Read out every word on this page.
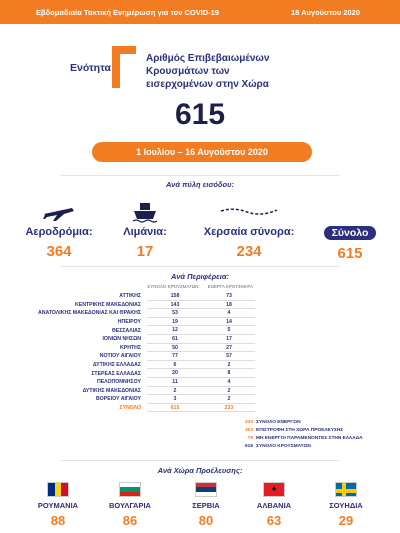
Εβδομαδιαία Τακτική Ενημέρωση για τον COVID-19	18 Αυγούστου 2020
Ενότητα
Αριθμός Επιβεβαιωμένων
Κρουσμάτων των
εισερχομένων στην Χώρα
615
1 Ιουλίου – 16 Αυγούστου 2020
Ανά πύλη εισόδου:
Αεροδρόμια:
364
Λιμάνια:
17
Χερσαία σύνορα:
234
Σύνολο
615
Ανά Περιφέρεια:
ΣΥΝΟΛΟ ΚΡΟΥΣΜΑΤΩΝ ΕΝΕΡΓΑ ΚΡΟΥΣΜΑΤΑ
ΑΤΤΙΚΗΣ	158	73
ΚΕΝΤΡΙΚΗΣ ΜΑΚΕΔΟΝΙΑΣ	143	18
ΑΝΑΤΟΛΙΚΗΣ ΜΑΚΕΔΟΝΙΑΣ ΚΑΙ ΘΡΑΚΗΣ	53	4
ΗΠΕΙΡΟΥ	19	14
ΘΕΣΣΑΛΙΑΣ	12	5
ΙΟΝΙΩΝ ΝΗΣΩΝ	61	17
ΚΡΗΤΗΣ	50	27
ΝΟΤΙΟΥ ΑΙΓΑΙΟΥ	77	57
ΔΥΤΙΚΗΣ ΕΛΛΑΔΑΣ	6	2
ΣΤΕΡΕΑΣ ΕΛΛΑΔΑΣ	20	8
ΠΕΛΟΠΟΝΝΗΣΟΥ	11	4
ΔΥΤΙΚΗΣ ΜΑΚΕΔΟΝΙΑΣ	2	2
ΒΟΡΕΙΟΥ ΑΙΓΑΙΟΥ	3	2
ΣΥΝΟΛΟ	615	233
233 ΣΥΝΟΛΟ ΕΝΕΡΓΩΝ
303 ΕΠΙΣΤΡΟΦΗ ΣΤΗ ΧΩΡΑ ΠΡΟΕΛΕΥΣΗΣ
79 ΜΗ ΕΝΕΡΓΟΙ ΠΑΡΑΜΕΝΟΝΤΕΣ ΣΤΗΝ ΕΛΛΑΔΑ
615 ΣΥΝΟΛΟ ΚΡΟΥΣΜΑΤΩΝ
Ανά Χώρα Προέλευσης:
ΡΟΥΜΑΝΙΑ
88
ΒΟΥΛΓΑΡΙΑ
86
ΣΕΡΒΙΑ
80
✦
ΑΛΒΑΝΙΑ
63
ΣΟΥΗΔΙΑ
29
